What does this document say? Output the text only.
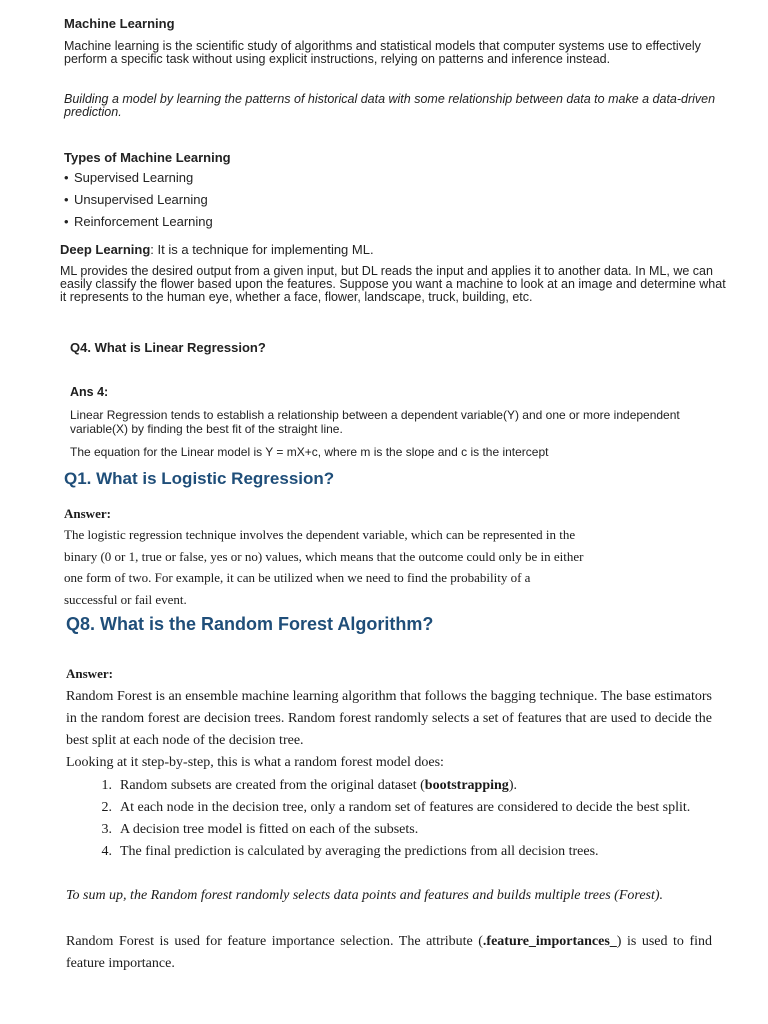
Machine Learning

Machine learning is the scientific study of algorithms and statistical models that computer systems use to effectively perform a specific task without using explicit instructions, relying on patterns and inference instead.

Building a model by learning the patterns of historical data with some relationship between data to make a data-driven prediction.

Types of Machine Learning
• Supervised Learning
• Unsupervised Learning
• Reinforcement Learning
Deep Learning: It is a technique for implementing ML.

ML provides the desired output from a given input, but DL reads the input and applies it to another data. In ML, we can easily classify the flower based upon the features. Suppose you want a machine to look at an image and determine what it represents to the human eye, whether a face, flower, landscape, truck, building, etc.

Q4. What is Linear Regression?
Ans 4:

Linear Regression tends to establish a relationship between a dependent variable(Y) and one or more independent variable(X) by finding the best fit of the straight line.

The equation for the Linear model is Y = mX+c, where m is the slope and c is the intercept

Q1. What is Logistic Regression?
Answer:
The logistic regression technique involves the dependent variable, which can be represented in the
binary (0 or 1, true or false, yes or no) values, which means that the outcome could only be in either
one form of two. For example, it can be utilized when we need to find the probability of a
successful or fail event.
Q8. What is the Random Forest Algorithm?
Answer:

Random Forest is an ensemble machine learning algorithm that follows the bagging technique. The base estimators in the random forest are decision trees. Random forest randomly selects a set of features that are used to decide the best split at each node of the decision tree.

Looking at it step-by-step, this is what a random forest model does:

1. Random subsets are created from the original dataset (bootstrapping).
2. At each node in the decision tree, only a random set of features are considered to decide the best split.
3. A decision tree model is fitted on each of the subsets.
4. The final prediction is calculated by averaging the predictions from all decision trees.

To sum up, the Random forest randomly selects data points and features and builds multiple trees (Forest).

Random Forest is used for feature importance selection. The attribute (.feature_importances_) is used to find feature importance.
